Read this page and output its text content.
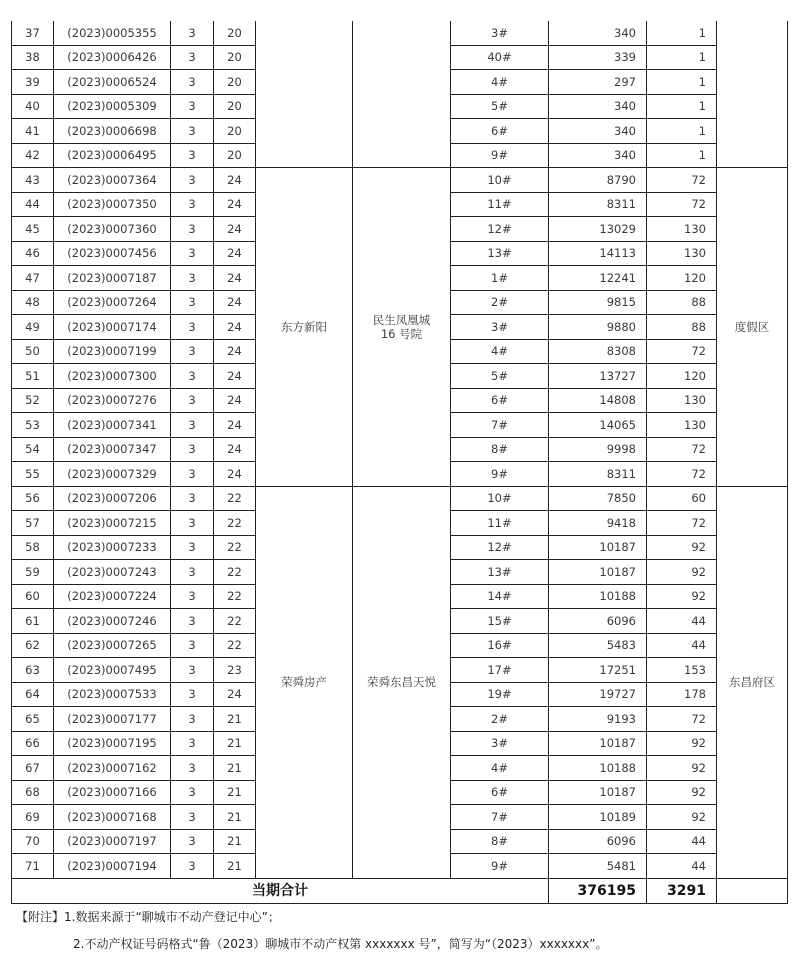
37	(2023)0005355	3	20			3#	340	1	
38	(2023)0006426	3	20			40#	339	1	
39	(2023)0006524	3	20			4#	297	1	
40	(2023)0005309	3	20			5#	340	1	
41	(2023)0006698	3	20			6#	340	1	
42	(2023)0006495	3	20			9#	340	1	
43	(2023)0007364	3	24	东方新阳	民生凤凰城
16 号院	10#	8790	72	度假区
44	(2023)0007350	3	24			11#	8311	72	
45	(2023)0007360	3	24			12#	13029	130	
46	(2023)0007456	3	24			13#	14113	130	
47	(2023)0007187	3	24			1#	12241	120	
48	(2023)0007264	3	24			2#	9815	88	
49	(2023)0007174	3	24			3#	9880	88	
50	(2023)0007199	3	24			4#	8308	72	
51	(2023)0007300	3	24			5#	13727	120	
52	(2023)0007276	3	24			6#	14808	130	
53	(2023)0007341	3	24			7#	14065	130	
54	(2023)0007347	3	24			8#	9998	72	
55	(2023)0007329	3	24			9#	8311	72	
56	(2023)0007206	3	22	荣舜房产	荣舜东昌天悦	10#	7850	60	东昌府区
57	(2023)0007215	3	22			11#	9418	72	
58	(2023)0007233	3	22			12#	10187	92	
59	(2023)0007243	3	22			13#	10187	92	
60	(2023)0007224	3	22			14#	10188	92	
61	(2023)0007246	3	22			15#	6096	44	
62	(2023)0007265	3	22			16#	5483	44	
63	(2023)0007495	3	23			17#	17251	153	
64	(2023)0007533	3	24			19#	19727	178	
65	(2023)0007177	3	21			2#	9193	72	
66	(2023)0007195	3	21			3#	10187	92	
67	(2023)0007162	3	21			4#	10188	92	
68	(2023)0007166	3	21			6#	10187	92	
69	(2023)0007168	3	21			7#	10189	92	
70	(2023)0007197	3	21			8#	6096	44	
71	(2023)0007194	3	21			9#	5481	44	
当期合计							376195	3291	
【附注】1.数据来源于“聊城市不动产登记中心”；
2.不动产权证号码格式“鲁（2023）聊城市不动产权第 xxxxxxx 号”，简写为“（2023）xxxxxxx”。
